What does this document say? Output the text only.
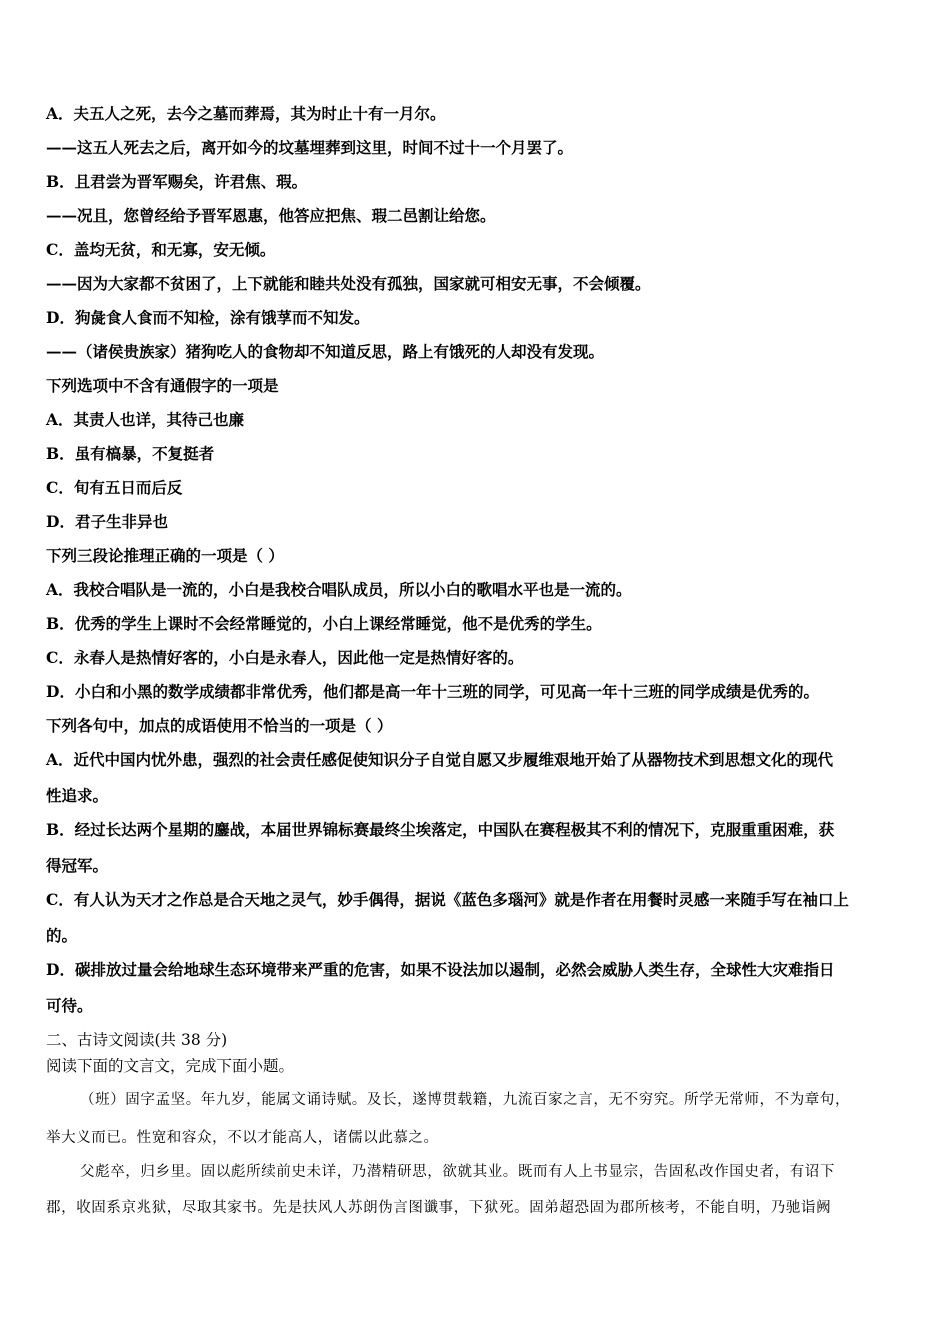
A．夫五人之死，去今之墓而葬焉，其为时止十有一月尔。
——这五人死去之后，离开如今的坟墓埋葬到这里，时间不过十一个月罢了。
B．且君尝为晋军赐矣，许君焦、瑕。
——况且，您曾经给予晋军恩惠，他答应把焦、瑕二邑割让给您。
C．盖均无贫，和无寡，安无倾。
——因为大家都不贫困了，上下就能和睦共处没有孤独，国家就可相安无事，不会倾覆。
D．狗彘食人食而不知检，涂有饿莩而不知发。
——（诸侯贵族家）猪狗吃人的食物却不知道反思，路上有饿死的人却没有发现。
下列选项中不含有通假字的一项是
A．其责人也详，其待己也廉
B．虽有槁暴，不复挺者
C．旬有五日而后反
D．君子生非异也
下列三段论推理正确的一项是（ ）
A．我校合唱队是一流的，小白是我校合唱队成员，所以小白的歌唱水平也是一流的。
B．优秀的学生上课时不会经常睡觉的，小白上课经常睡觉，他不是优秀的学生。
C．永春人是热情好客的，小白是永春人，因此他一定是热情好客的。
D．小白和小黑的数学成绩都非常优秀，他们都是高一年十三班的同学，可见高一年十三班的同学成绩是优秀的。
下列各句中，加点的成语使用不恰当的一项是（ ）
A．近代中国内忧外患，强烈的社会责任感促使知识分子自觉自愿又步履维艰地开始了从器物技术到思想文化的现代
性追求。
B．经过长达两个星期的鏖战，本届世界锦标赛最终尘埃落定，中国队在赛程极其不利的情况下，克服重重困难，获
得冠军。
C．有人认为天才之作总是合天地之灵气，妙手偶得，据说《蓝色多瑙河》就是作者在用餐时灵感一来随手写在袖口上
的。
D．碳排放过量会给地球生态环境带来严重的危害，如果不设法加以遏制，必然会威胁人类生存，全球性大灾难指日
可待。
二、古诗文阅读(共 38 分)
阅读下面的文言文，完成下面小题。
（班）固字孟坚。年九岁，能属文诵诗赋。及长，遂博贯载籍，九流百家之言，无不穷究。所学无常师，不为章句，
举大义而已。性宽和容众，不以才能高人，诸儒以此慕之。
父彪卒，归乡里。固以彪所续前史未详，乃潜精研思，欲就其业。既而有人上书显宗，告固私改作国史者，有诏下
郡，收固系京兆狱，尽取其家书。先是扶风人苏朗伪言图谶事，下狱死。固弟超恐固为郡所核考，不能自明，乃驰诣阙
